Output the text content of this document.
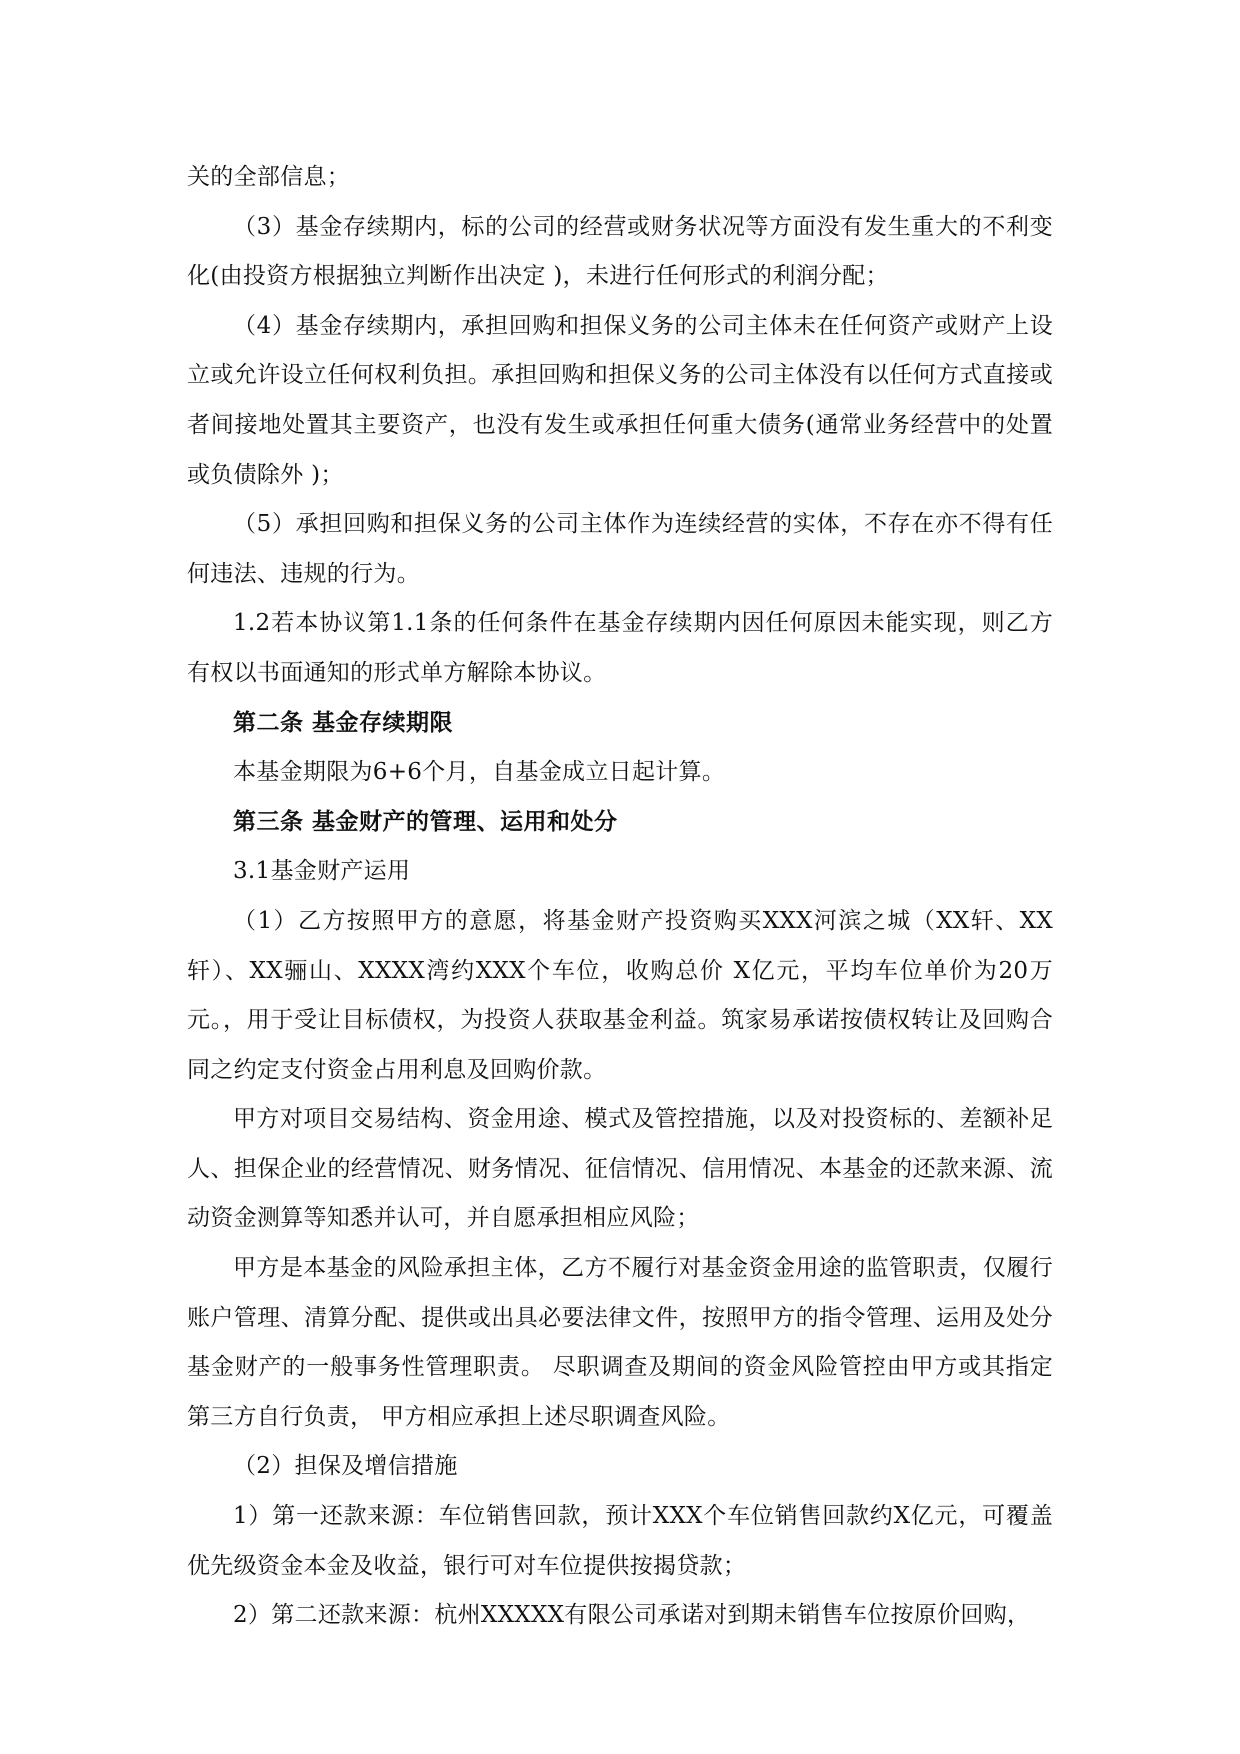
关的全部信息；

（3）基金存续期内，标的公司的经营或财务状况等方面没有发生重大的不利变化(由投资方根据独立判断作出决定 )，未进行任何形式的利润分配；

（4）基金存续期内，承担回购和担保义务的公司主体未在任何资产或财产上设立或允许设立任何权利负担。承担回购和担保义务的公司主体没有以任何方式直接或者间接地处置其主要资产，也没有发生或承担任何重大债务(通常业务经营中的处置或负债除外 )；

（5）承担回购和担保义务的公司主体作为连续经营的实体，不存在亦不得有任何违法、违规的行为。

1.2若本协议第1.1条的任何条件在基金存续期内因任何原因未能实现，则乙方有权以书面通知的形式单方解除本协议。

第二条 基金存续期限

本基金期限为6+6个月，自基金成立日起计算。

第三条 基金财产的管理、运用和处分

3.1基金财产运用

（1）乙方按照甲方的意愿，将基金财产投资购买XXX河滨之城（XX轩、XX轩）、XX骊山、XXXX湾约XXX个车位，收购总价 X亿元，平均车位单价为20万元。，用于受让目标债权，为投资人获取基金利益。筑家易承诺按债权转让及回购合同之约定支付资金占用利息及回购价款。

甲方对项目交易结构、资金用途、模式及管控措施，以及对投资标的、差额补足人、担保企业的经营情况、财务情况、征信情况、信用情况、本基金的还款来源、流动资金测算等知悉并认可，并自愿承担相应风险；

甲方是本基金的风险承担主体，乙方不履行对基金资金用途的监管职责，仅履行账户管理、清算分配、提供或出具必要法律文件，按照甲方的指令管理、运用及处分基金财产的一般事务性管理职责。 尽职调查及期间的资金风险管控由甲方或其指定第三方自行负责， 甲方相应承担上述尽职调查风险。

（2）担保及增信措施

1）第一还款来源：车位销售回款，预计XXX个车位销售回款约X亿元，可覆盖优先级资金本金及收益，银行可对车位提供按揭贷款；

2）第二还款来源：杭州XXXXX有限公司承诺对到期未销售车位按原价回购，
